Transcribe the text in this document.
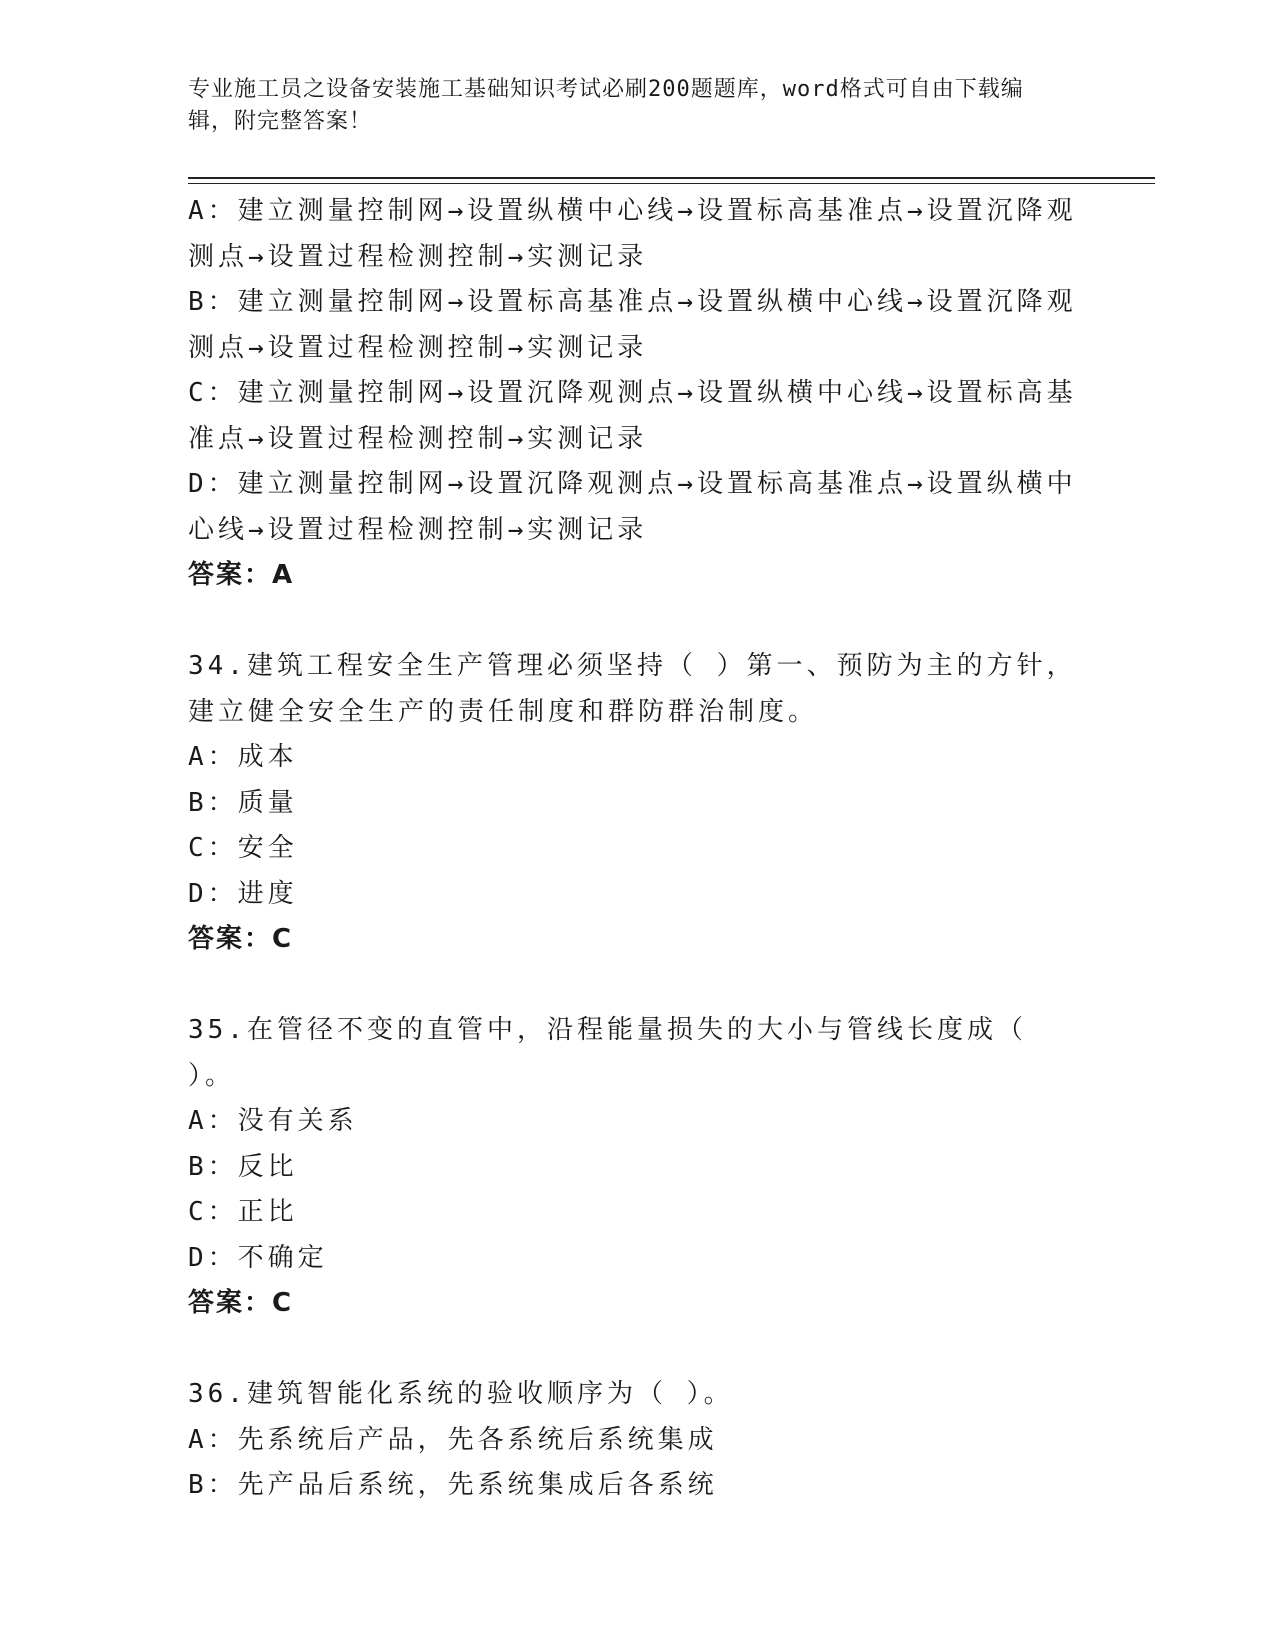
专业施工员之设备安装施工基础知识考试必刷200题题库，word格式可自由下载编辑，附完整答案！
A：建立测量控制网→设置纵横中心线→设置标高基准点→设置沉降观测点→设置过程检测控制→实测记录
B：建立测量控制网→设置标高基准点→设置纵横中心线→设置沉降观测点→设置过程检测控制→实测记录
C：建立测量控制网→设置沉降观测点→设置纵横中心线→设置标高基准点→设置过程检测控制→实测记录
D：建立测量控制网→设置沉降观测点→设置标高基准点→设置纵横中心线→设置过程检测控制→实测记录
答案：A
34.建筑工程安全生产管理必须坚持（ ）第一、预防为主的方针，建立健全安全生产的责任制度和群防群治制度。
A：成本
B：质量
C：安全
D：进度
答案：C
35.在管径不变的直管中，沿程能量损失的大小与管线长度成（ ）。
A：没有关系
B：反比
C：正比
D：不确定
答案：C
36.建筑智能化系统的验收顺序为（ ）。
A：先系统后产品，先各系统后系统集成
B：先产品后系统，先系统集成后各系统
